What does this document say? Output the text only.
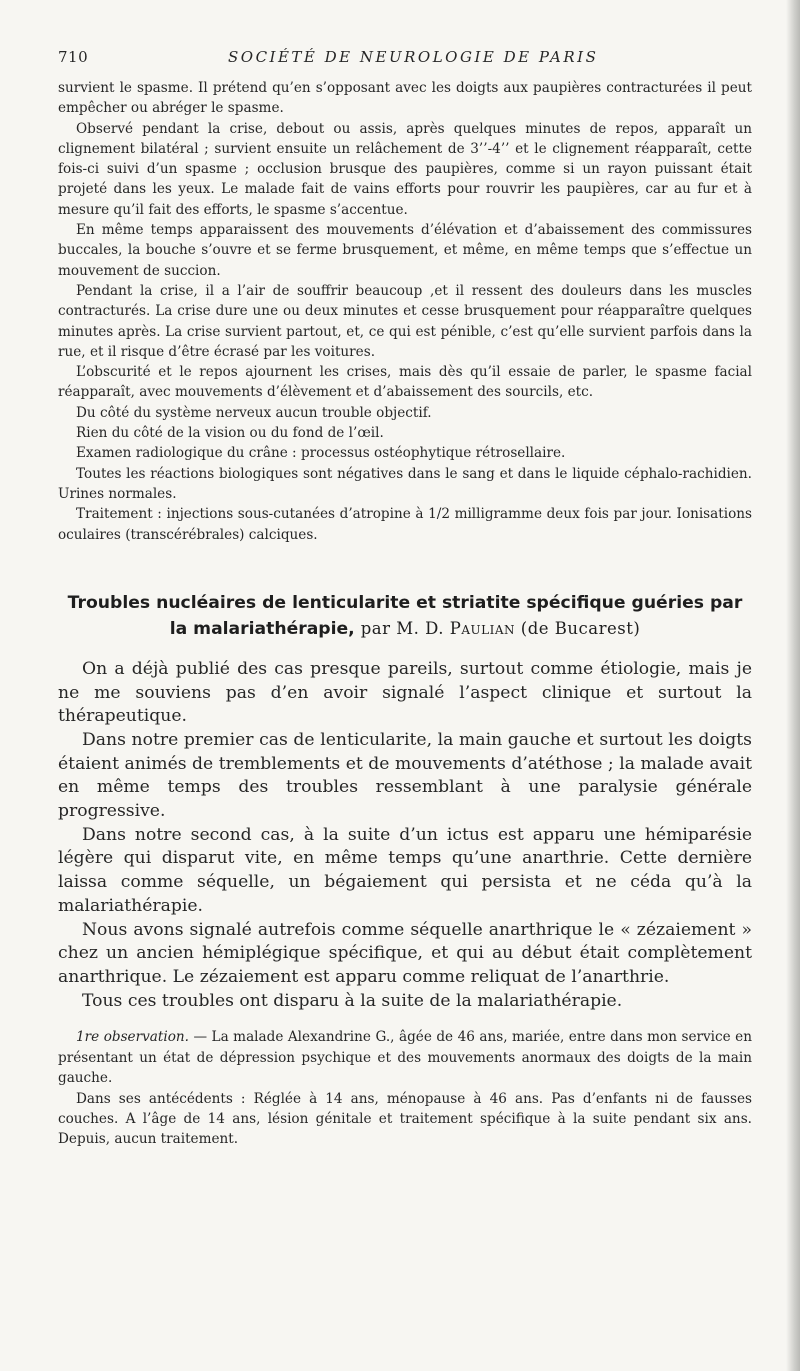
710	SOCIÉTÉ DE NEUROLOGIE DE PARIS

survient le spasme. Il prétend qu’en s’opposant avec les doigts aux paupières contracturées il peut empêcher ou abréger le spasme.

Observé pendant la crise, debout ou assis, après quelques minutes de repos, apparaît un clignement bilatéral ; survient ensuite un relâchement de 3’’-4’’ et le clignement réapparaît, cette fois-ci suivi d’un spasme ; occlusion brusque des paupières, comme si un rayon puissant était projeté dans les yeux. Le malade fait de vains efforts pour rouvrir les paupières, car au fur et à mesure qu’il fait des efforts, le spasme s’accentue.

En même temps apparaissent des mouvements d’élévation et d’abaissement des commissures buccales, la bouche s’ouvre et se ferme brusquement, et même, en même temps que s’effectue un mouvement de succion.

Pendant la crise, il a l’air de souffrir beaucoup ,et il ressent des douleurs dans les muscles contracturés. La crise dure une ou deux minutes et cesse brusquement pour réapparaître quelques minutes après. La crise survient partout, et, ce qui est pénible, c’est qu’elle survient parfois dans la rue, et il risque d’être écrasé par les voitures.

L’obscurité et le repos ajournent les crises, mais dès qu’il essaie de parler, le spasme facial réapparaît, avec mouvements d’élèvement et d’abaissement des sourcils, etc.

Du côté du système nerveux aucun trouble objectif.

Rien du côté de la vision ou du fond de l’œil.

Examen radiologique du crâne : processus ostéophytique rétrosellaire.

Toutes les réactions biologiques sont négatives dans le sang et dans le liquide céphalo-rachidien. Urines normales.

Traitement : injections sous-cutanées d’atropine à 1/2 milligramme deux fois par jour. Ionisations oculaires (transcérébrales) calciques.

Troubles nucléaires de lenticularite et striatite spécifique guéries par la malariathérapie, par M. D. Paulian (de Bucarest)

On a déjà publié des cas presque pareils, surtout comme étiologie, mais je ne me souviens pas d’en avoir signalé l’aspect clinique et surtout la thérapeutique.

Dans notre premier cas de lenticularite, la main gauche et surtout les doigts étaient animés de tremblements et de mouvements d’atéthose ; la malade avait en même temps des troubles ressemblant à une paralysie générale progressive.

Dans notre second cas, à la suite d’un ictus est apparu une hémiparésie légère qui disparut vite, en même temps qu’une anarthrie. Cette dernière laissa comme séquelle, un bégaiement qui persista et ne céda qu’à la malariathérapie.

Nous avons signalé autrefois comme séquelle anarthrique le « zézaiement » chez un ancien hémiplégique spécifique, et qui au début était complètement anarthrique. Le zézaiement est apparu comme reliquat de l’anarthrie.

Tous ces troubles ont disparu à la suite de la malariathérapie.

1re observation. — La malade Alexandrine G., âgée de 46 ans, mariée, entre dans mon service en présentant un état de dépression psychique et des mouvements anormaux des doigts de la main gauche.

Dans ses antécédents : Réglée à 14 ans, ménopause à 46 ans. Pas d’enfants ni de fausses couches. A l’âge de 14 ans, lésion génitale et traitement spécifique à la suite pendant six ans. Depuis, aucun traitement.
